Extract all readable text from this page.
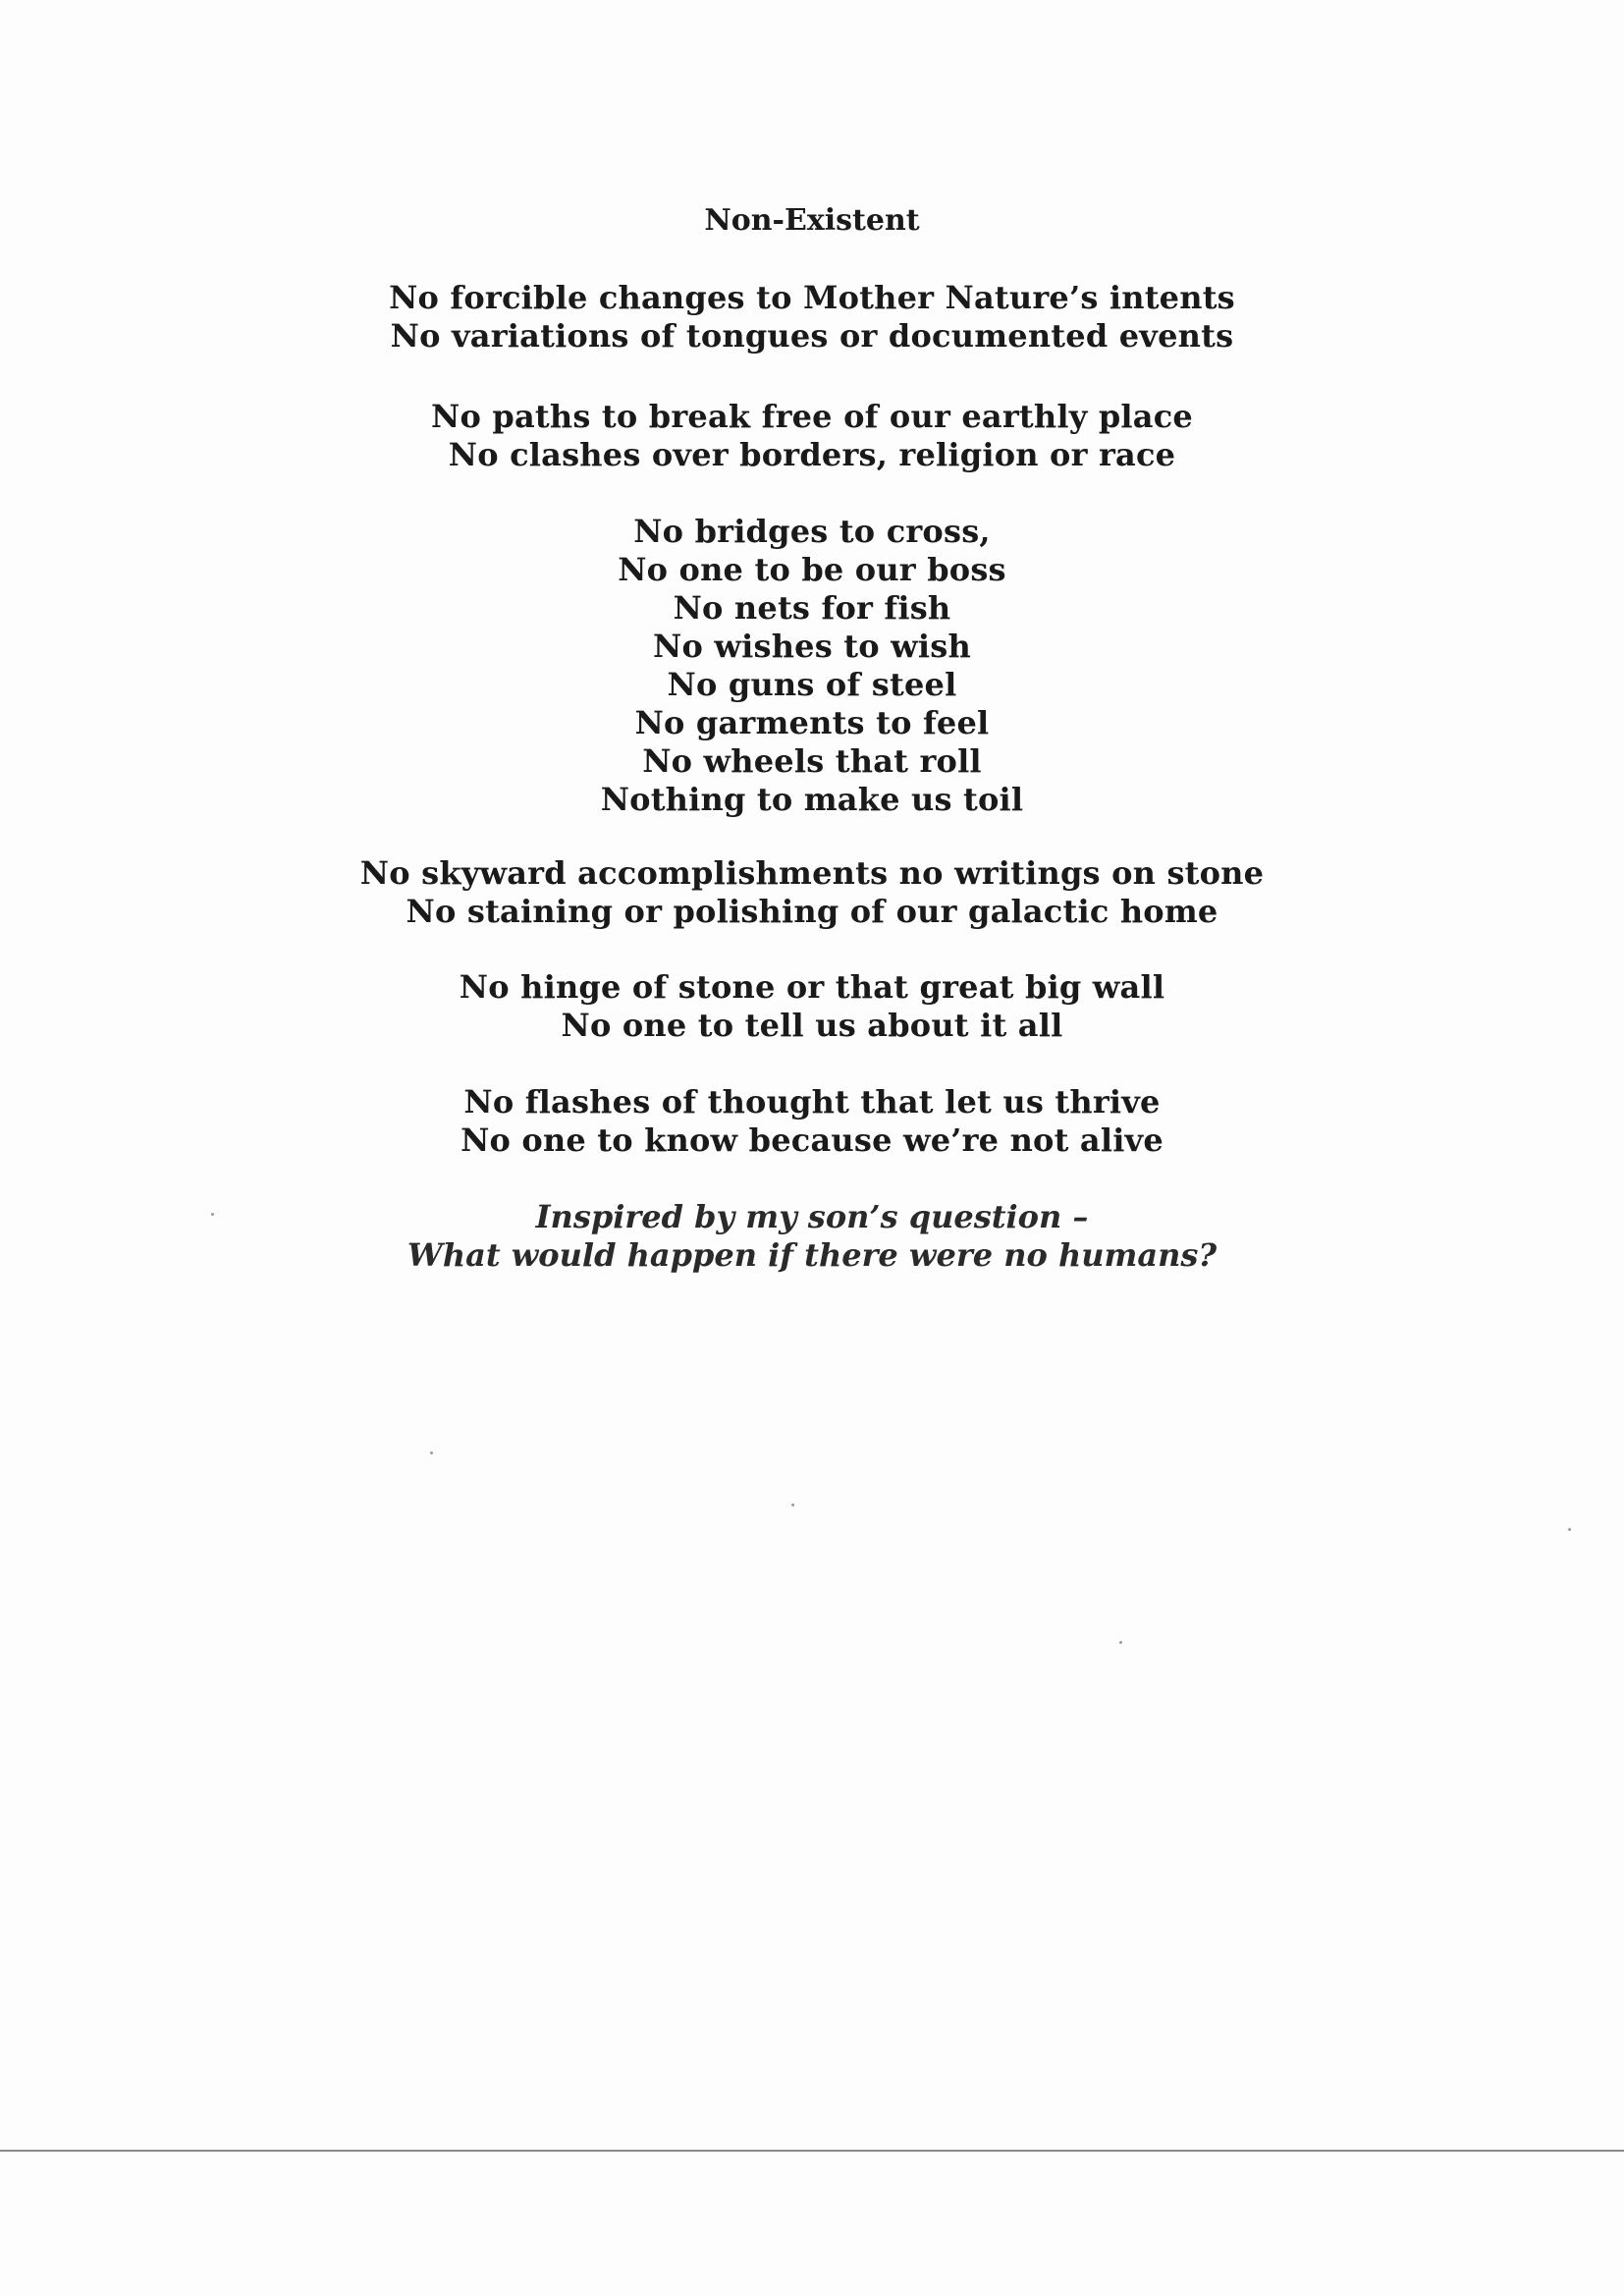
Non-Existent
No forcible changes to Mother Nature’s intents
No variations of tongues or documented events
No paths to break free of our earthly place
No clashes over borders, religion or race
No bridges to cross,
No one to be our boss
No nets for fish
No wishes to wish
No guns of steel
No garments to feel
No wheels that roll
Nothing to make us toil
No skyward accomplishments no writings on stone
No staining or polishing of our galactic home
No hinge of stone or that great big wall
No one to tell us about it all
No flashes of thought that let us thrive
No one to know because we’re not alive
Inspired by my son’s question –
What would happen if there were no humans?
